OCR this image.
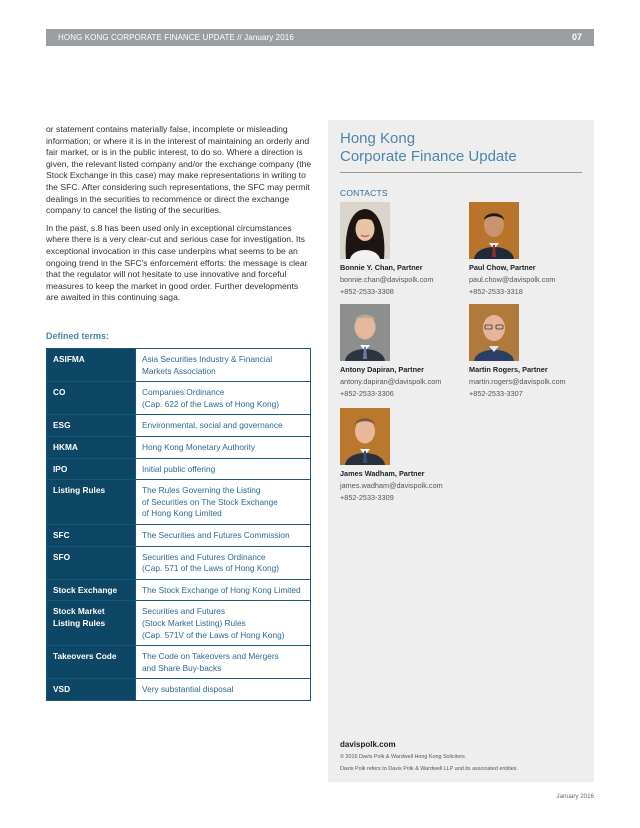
HONG KONG CORPORATE FINANCE UPDATE // January 2016	07

or statement contains materially false, incomplete or misleading information; or where it is in the interest of maintaining an orderly and fair market, or is in the public interest, to do so. Where a direction is given, the relevant listed company and/or the exchange company (the Stock Exchange in this case) may make representations in writing to the SFC. After considering such representations, the SFC may permit dealings in the securities to recommence or direct the exchange company to cancel the listing of the securities.

In the past, s.8 has been used only in exceptional circumstances where there is a very clear-cut and serious case for investigation. Its exceptional invocation in this case underpins what seems to be an ongoing trend in the SFC’s enforcement efforts: the message is clear that the regulator will not hesitate to use innovative and forceful measures to keep the market in good order. Further developments are awaited in this continuing saga.

Defined terms:
ASIFMA	Asia Securities Industry & Financial
Markets Association
CO	Companies Ordinance
(Cap. 622 of the Laws of Hong Kong)
ESG	Environmental, social and governance
HKMA	Hong Kong Monetary Authority
IPO	Initial public offering
Listing Rules	The Rules Governing the Listing
of Securities on The Stock Exchange
of Hong Kong Limited
SFC	The Securities and Futures Commission
SFO	Securities and Futures Ordinance
(Cap. 571 of the Laws of Hong Kong)
Stock Exchange	The Stock Exchange of Hong Kong Limited
Stock Market
Listing Rules	Securities and Futures
(Stock Market Listing) Rules
(Cap. 571V of the Laws of Hong Kong)
Takeovers Code	The Code on Takeovers and Mergers
and Share Buy-backs
VSD	Very substantial disposal
Hong Kong
Corporate Finance Update
CONTACTS
Bonnie Y. Chan, Partner
bonnie.chan@davispolk.com
+852-2533-3308
Paul Chow, Partner
paul.chow@davispolk.com
+852-2533-3318
Antony Dapiran, Partner
antony.dapiran@davispolk.com
+852-2533-3306
Martin Rogers, Partner
martin.rogers@davispolk.com
+852-2533-3307
James Wadham, Partner
james.wadham@davispolk.com
+852-2533-3309
davispolk.com
© 2016 Davis Polk & Wardwell Hong Kong Solicitors
Davis Polk refers to Davis Polk & Wardwell LLP and its associated entities.
January 2016
